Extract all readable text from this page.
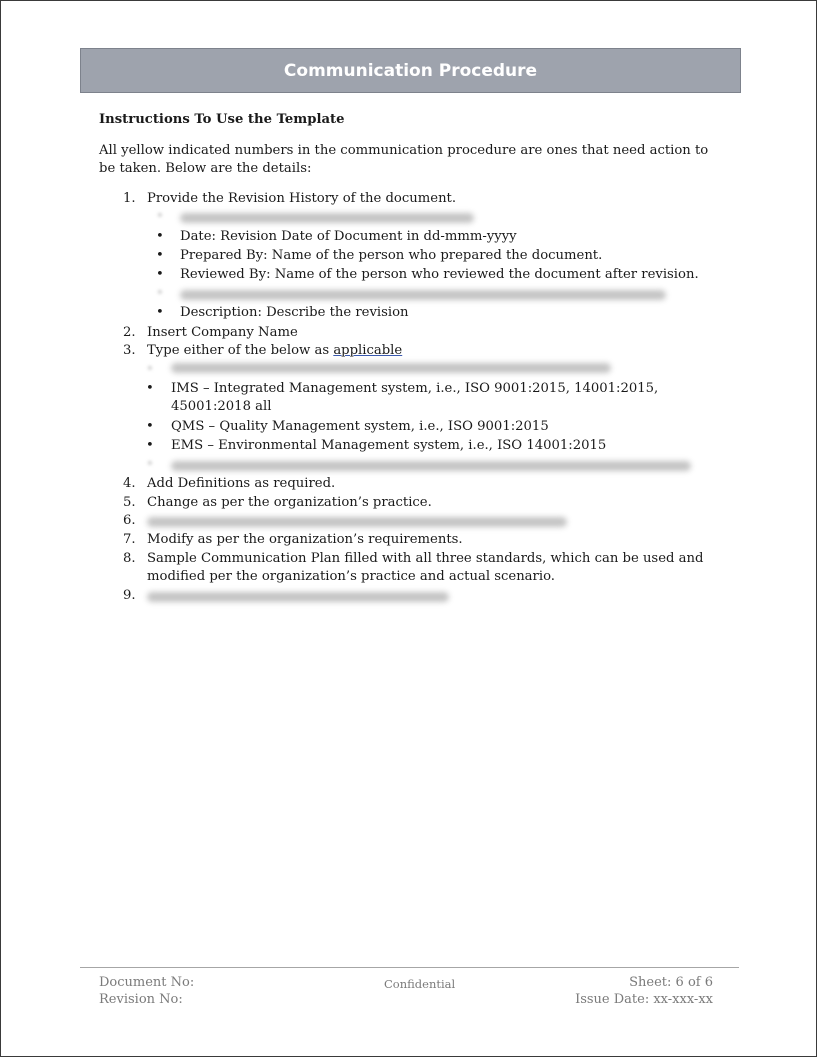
Communication Procedure

Instructions To Use the Template

All yellow indicated numbers in the communication procedure are ones that need action to be taken. Below are the details:

1. Provide the Revision History of the document.
•
• Date: Revision Date of Document in dd-mmm-yyyy
• Prepared By: Name of the person who prepared the document.
• Reviewed By: Name of the person who reviewed the document after revision.
•
• Description: Describe the revision
2. Insert Company Name
3. Type either of the below as applicable
•
• IMS – Integrated Management system, i.e., ISO 9001:2015, 14001:2015, 45001:2018 all
• QMS – Quality Management system, i.e., ISO 9001:2015
• EMS – Environmental Management system, i.e., ISO 14001:2015
•
4. Add Definitions as required.
5. Change as per the organization’s practice.
6.
7. Modify as per the organization’s requirements.
8. Sample Communication Plan filled with all three standards, which can be used and modified per the organization’s practice and actual scenario.
9.
Document No:
Revision No:
Confidential	Sheet: 6 of 6
Issue Date: xx-xxx-xx
